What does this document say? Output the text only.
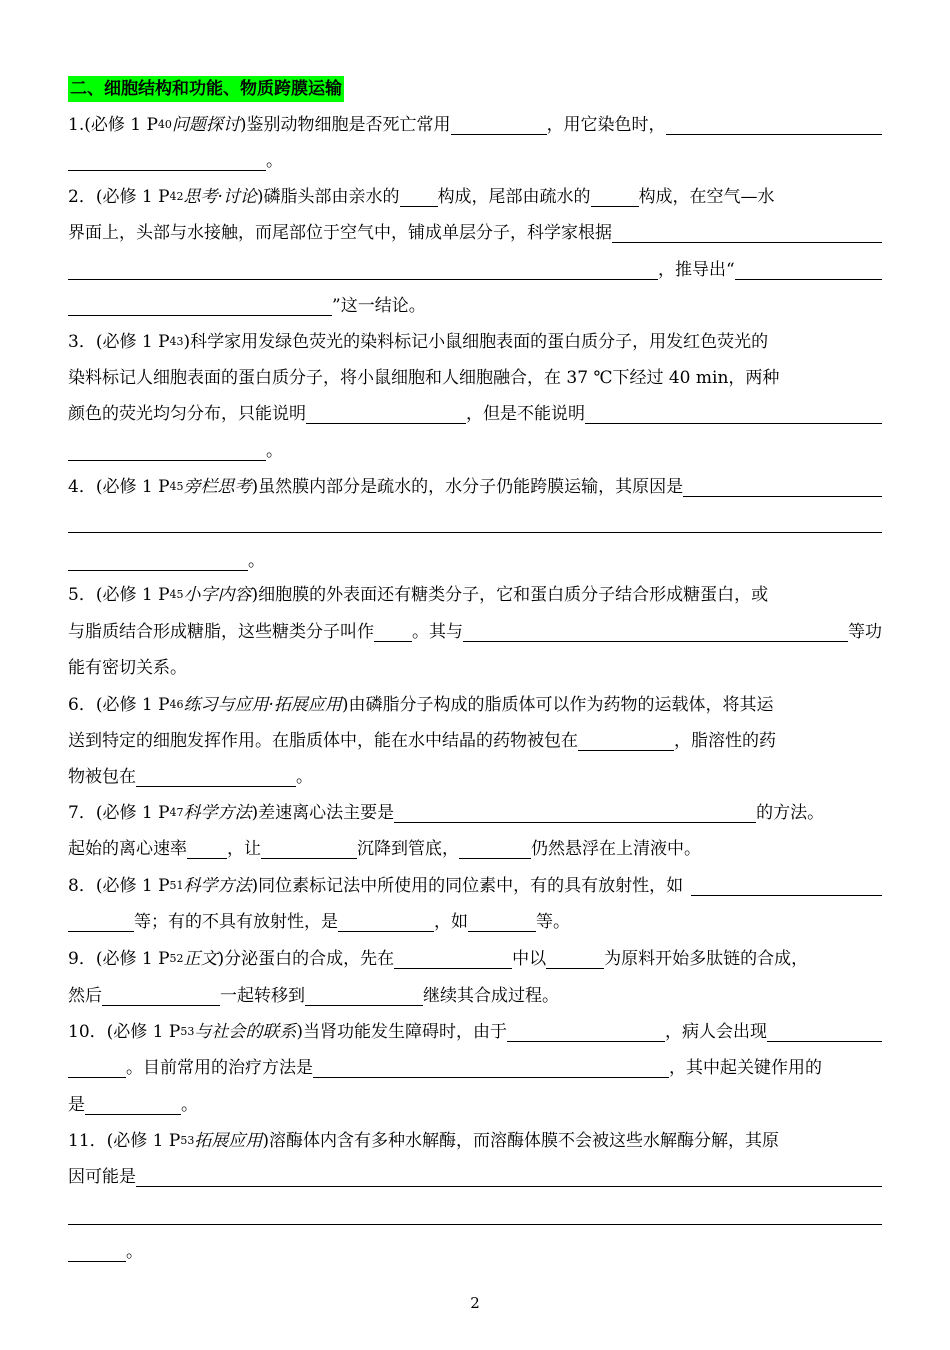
二、细胞结构和功能、物质跨膜运输
1.(必修 1 P 40 问题探讨 )鉴别动物细胞是否死亡常用	，用它染色时，
。
2．(必修 1 P 42 思考·讨论 )磷脂头部由亲水的 构成，尾部由疏水的	构成，在空气—水
界面上，头部与水接触，而尾部位于空气中，铺成单层分子，科学家根据
，推导出“
”这一结论。
3．(必修 1 P 43 )科学家用发绿色荧光的染料标记小鼠细胞表面的蛋白质分子，用发红色荧光的
染料标记人细胞表面的蛋白质分子，将小鼠细胞和人细胞融合，在 37 ℃下经过 40 min，两种
颜色的荧光均匀分布，只能说明	，但是不能说明
。
4．(必修 1 P 45 旁栏思考 )虽然膜内部分是疏水的，水分子仍能跨膜运输，其原因是
。
5．(必修 1 P 45 小字内容 )细胞膜的外表面还有糖类分子，它和蛋白质分子结合形成糖蛋白，或
与脂质结合形成糖脂，这些糖类分子叫作 。其与	等功
能有密切关系。
6．(必修 1 P 46 练习与应用·拓展应用 )由磷脂分子构成的脂质体可以作为药物的运载体，将其运
送到特定的细胞发挥作用。在脂质体中，能在水中结晶的药物被包在	，脂溶性的药
物被包在	。
7．(必修 1 P 47 科学方法 )差速离心法主要是	的方法。
起始的离心速率 ，让	沉降到管底，	仍然悬浮在上清液中。
8．(必修 1 P 51 科学方法 )同位素标记法中所使用的同位素中，有的具有放射性，如
等；有的不具有放射性，是	，如	等。
9．(必修 1 P 52 正文 )分泌蛋白的合成，先在	中以	为原料开始多肽链的合成，
然后	一起转移到	继续其合成过程。
10．(必修 1 P 53 与社会的联系 )当肾功能发生障碍时，由于	，病人会出现
。目前常用的治疗方法是	，其中起关键作用的
是	。
11．(必修 1 P 53 拓展应用 )溶酶体内含有多种水解酶，而溶酶体膜不会被这些水解酶分解，其原
因可能是
。
2
